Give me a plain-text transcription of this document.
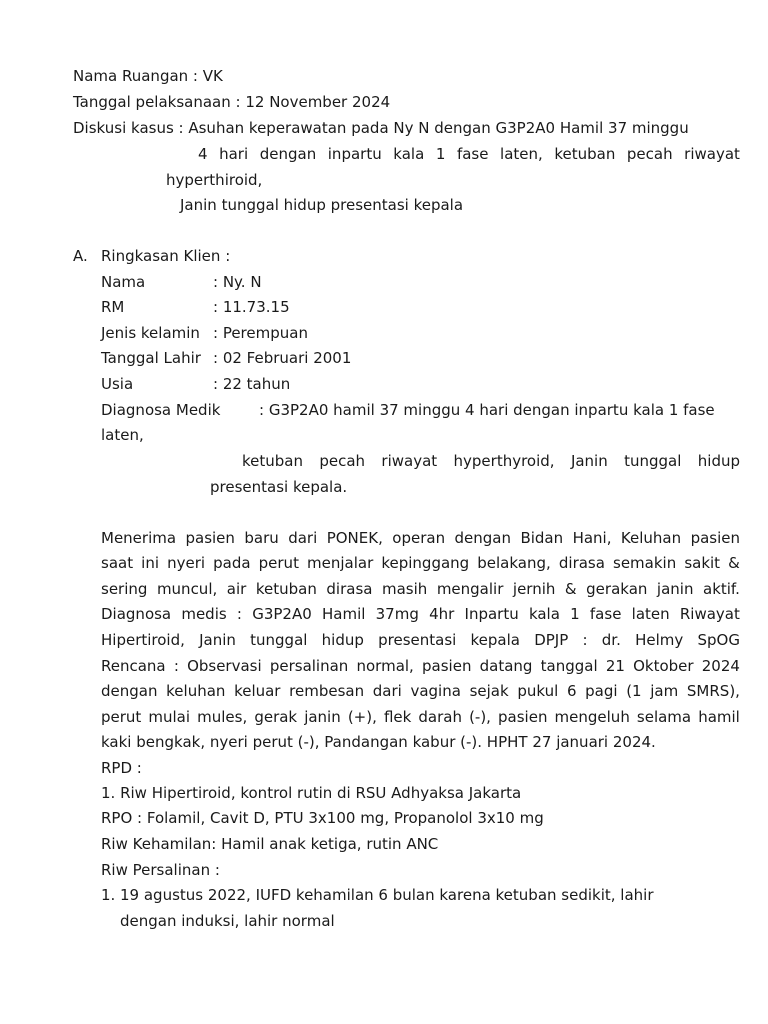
Nama Ruangan : VK
Tanggal pelaksanaan : 12 November 2024
Diskusi kasus : Asuhan keperawatan pada Ny N dengan G3P2A0 Hamil 37 minggu
4 hari dengan inpartu kala 1 fase laten, ketuban pecah riwayat
hyperthiroid,
Janin tunggal hidup presentasi kepala
A. Ringkasan Klien :
Nama	: Ny. N
RM	: 11.73.15
Jenis kelamin : Perempuan
Tanggal Lahir : 02 Februari 2001
Usia	: 22 tahun
Diagnosa Medik	: G3P2A0 hamil 37 minggu 4 hari dengan inpartu kala 1 fase
laten,
ketuban pecah riwayat hyperthyroid, Janin tunggal hidup
presentasi kepala.
Menerima pasien baru dari PONEK, operan dengan Bidan Hani, Keluhan pasien
saat ini nyeri pada perut menjalar kepinggang belakang, dirasa semakin sakit &
sering muncul, air ketuban dirasa masih mengalir jernih & gerakan janin aktif.
Diagnosa medis : G3P2A0 Hamil 37mg 4hr Inpartu kala 1 fase laten Riwayat
Hipertiroid, Janin tunggal hidup presentasi kepala DPJP : dr. Helmy SpOG
Rencana : Observasi persalinan normal, pasien datang tanggal 21 Oktober 2024
dengan keluhan keluar rembesan dari vagina sejak pukul 6 pagi (1 jam SMRS),
perut mulai mules, gerak janin (+), flek darah (-), pasien mengeluh selama hamil
kaki bengkak, nyeri perut (-), Pandangan kabur (-). HPHT 27 januari 2024.
RPD :
1. Riw Hipertiroid, kontrol rutin di RSU Adhyaksa Jakarta
RPO : Folamil, Cavit D, PTU 3x100 mg, Propanolol 3x10 mg
Riw Kehamilan: Hamil anak ketiga, rutin ANC
Riw Persalinan :
1. 19 agustus 2022, IUFD kehamilan 6 bulan karena ketuban sedikit, lahir
dengan induksi, lahir normal
